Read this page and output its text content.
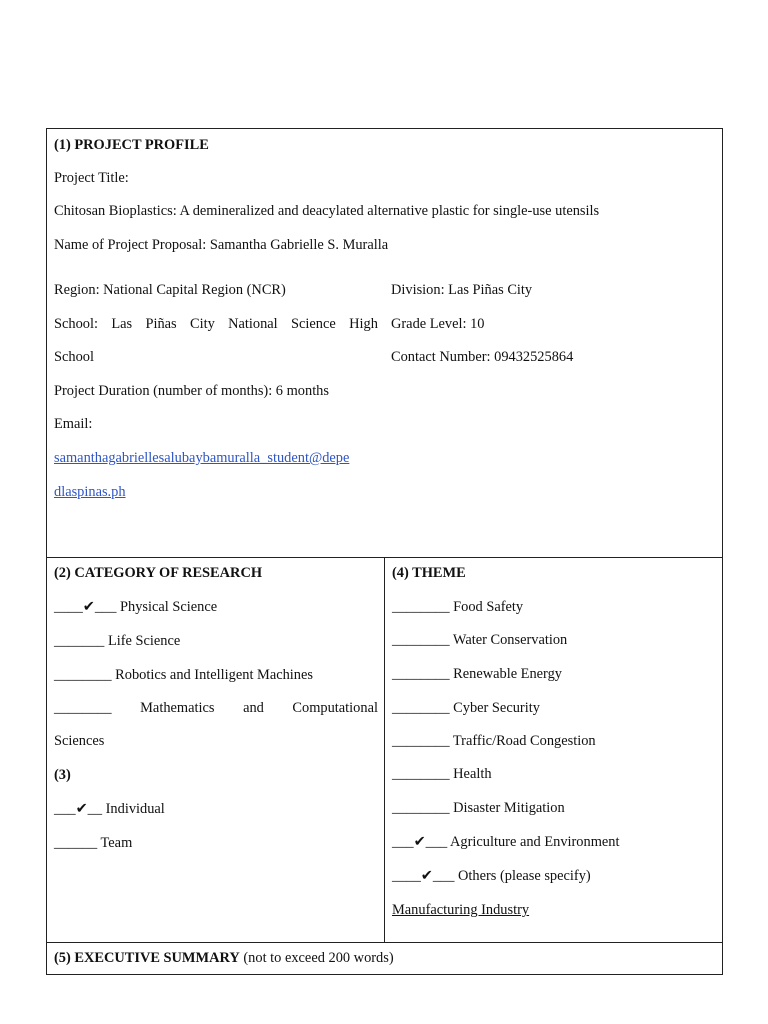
(1) PROJECT PROFILE
Project Title:
Chitosan Bioplastics: A demineralized and deacylated alternative plastic for single-use utensils
Name of Project Proposal: Samantha Gabrielle S. Muralla
Region: National Capital Region (NCR)	Division: Las Piñas City
School: Las Piñas City National Science High Grade Level: 10
School	Contact Number: 09432525864
Project Duration (number of months): 6 months
Email:
samanthagabriellesalubaybamuralla_student@depe
dlaspinas.ph
(2) CATEGORY OF RESEARCH
____✔___ Physical Science
_______ Life Science
________ Robotics and Intelligent Machines
________ Mathematics and Computational
Sciences
(3)
___✔__ Individual
______ Team
(4) THEME
________ Food Safety
________ Water Conservation
________ Renewable Energy
________ Cyber Security
________ Traffic/Road Congestion
________ Health
________ Disaster Mitigation
___✔___ Agriculture and Environment
____✔___ Others (please specify)
Manufacturing Industry
(5) EXECUTIVE SUMMARY (not to exceed 200 words)
